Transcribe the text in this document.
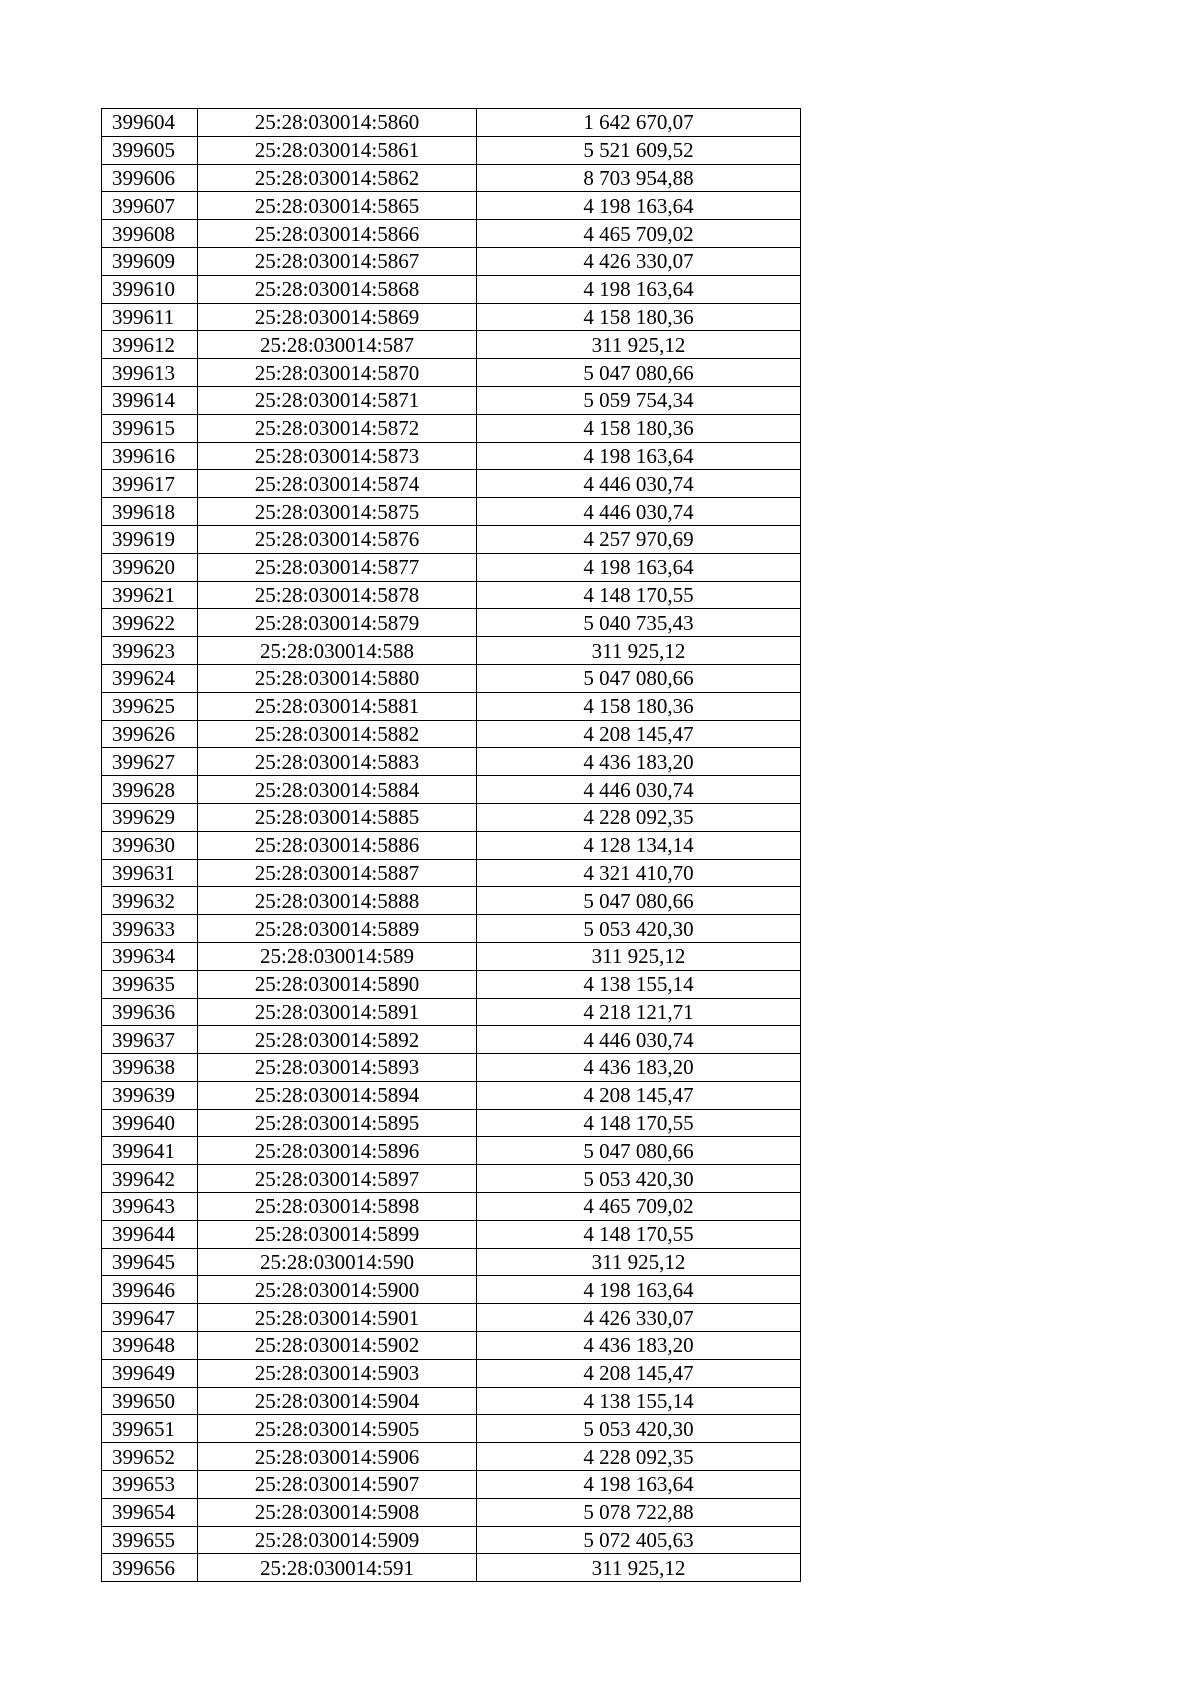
399604	25:28:030014:5860	1 642 670,07
399605	25:28:030014:5861	5 521 609,52
399606	25:28:030014:5862	8 703 954,88
399607	25:28:030014:5865	4 198 163,64
399608	25:28:030014:5866	4 465 709,02
399609	25:28:030014:5867	4 426 330,07
399610	25:28:030014:5868	4 198 163,64
399611	25:28:030014:5869	4 158 180,36
399612	25:28:030014:587	311 925,12
399613	25:28:030014:5870	5 047 080,66
399614	25:28:030014:5871	5 059 754,34
399615	25:28:030014:5872	4 158 180,36
399616	25:28:030014:5873	4 198 163,64
399617	25:28:030014:5874	4 446 030,74
399618	25:28:030014:5875	4 446 030,74
399619	25:28:030014:5876	4 257 970,69
399620	25:28:030014:5877	4 198 163,64
399621	25:28:030014:5878	4 148 170,55
399622	25:28:030014:5879	5 040 735,43
399623	25:28:030014:588	311 925,12
399624	25:28:030014:5880	5 047 080,66
399625	25:28:030014:5881	4 158 180,36
399626	25:28:030014:5882	4 208 145,47
399627	25:28:030014:5883	4 436 183,20
399628	25:28:030014:5884	4 446 030,74
399629	25:28:030014:5885	4 228 092,35
399630	25:28:030014:5886	4 128 134,14
399631	25:28:030014:5887	4 321 410,70
399632	25:28:030014:5888	5 047 080,66
399633	25:28:030014:5889	5 053 420,30
399634	25:28:030014:589	311 925,12
399635	25:28:030014:5890	4 138 155,14
399636	25:28:030014:5891	4 218 121,71
399637	25:28:030014:5892	4 446 030,74
399638	25:28:030014:5893	4 436 183,20
399639	25:28:030014:5894	4 208 145,47
399640	25:28:030014:5895	4 148 170,55
399641	25:28:030014:5896	5 047 080,66
399642	25:28:030014:5897	5 053 420,30
399643	25:28:030014:5898	4 465 709,02
399644	25:28:030014:5899	4 148 170,55
399645	25:28:030014:590	311 925,12
399646	25:28:030014:5900	4 198 163,64
399647	25:28:030014:5901	4 426 330,07
399648	25:28:030014:5902	4 436 183,20
399649	25:28:030014:5903	4 208 145,47
399650	25:28:030014:5904	4 138 155,14
399651	25:28:030014:5905	5 053 420,30
399652	25:28:030014:5906	4 228 092,35
399653	25:28:030014:5907	4 198 163,64
399654	25:28:030014:5908	5 078 722,88
399655	25:28:030014:5909	5 072 405,63
399656	25:28:030014:591	311 925,12
